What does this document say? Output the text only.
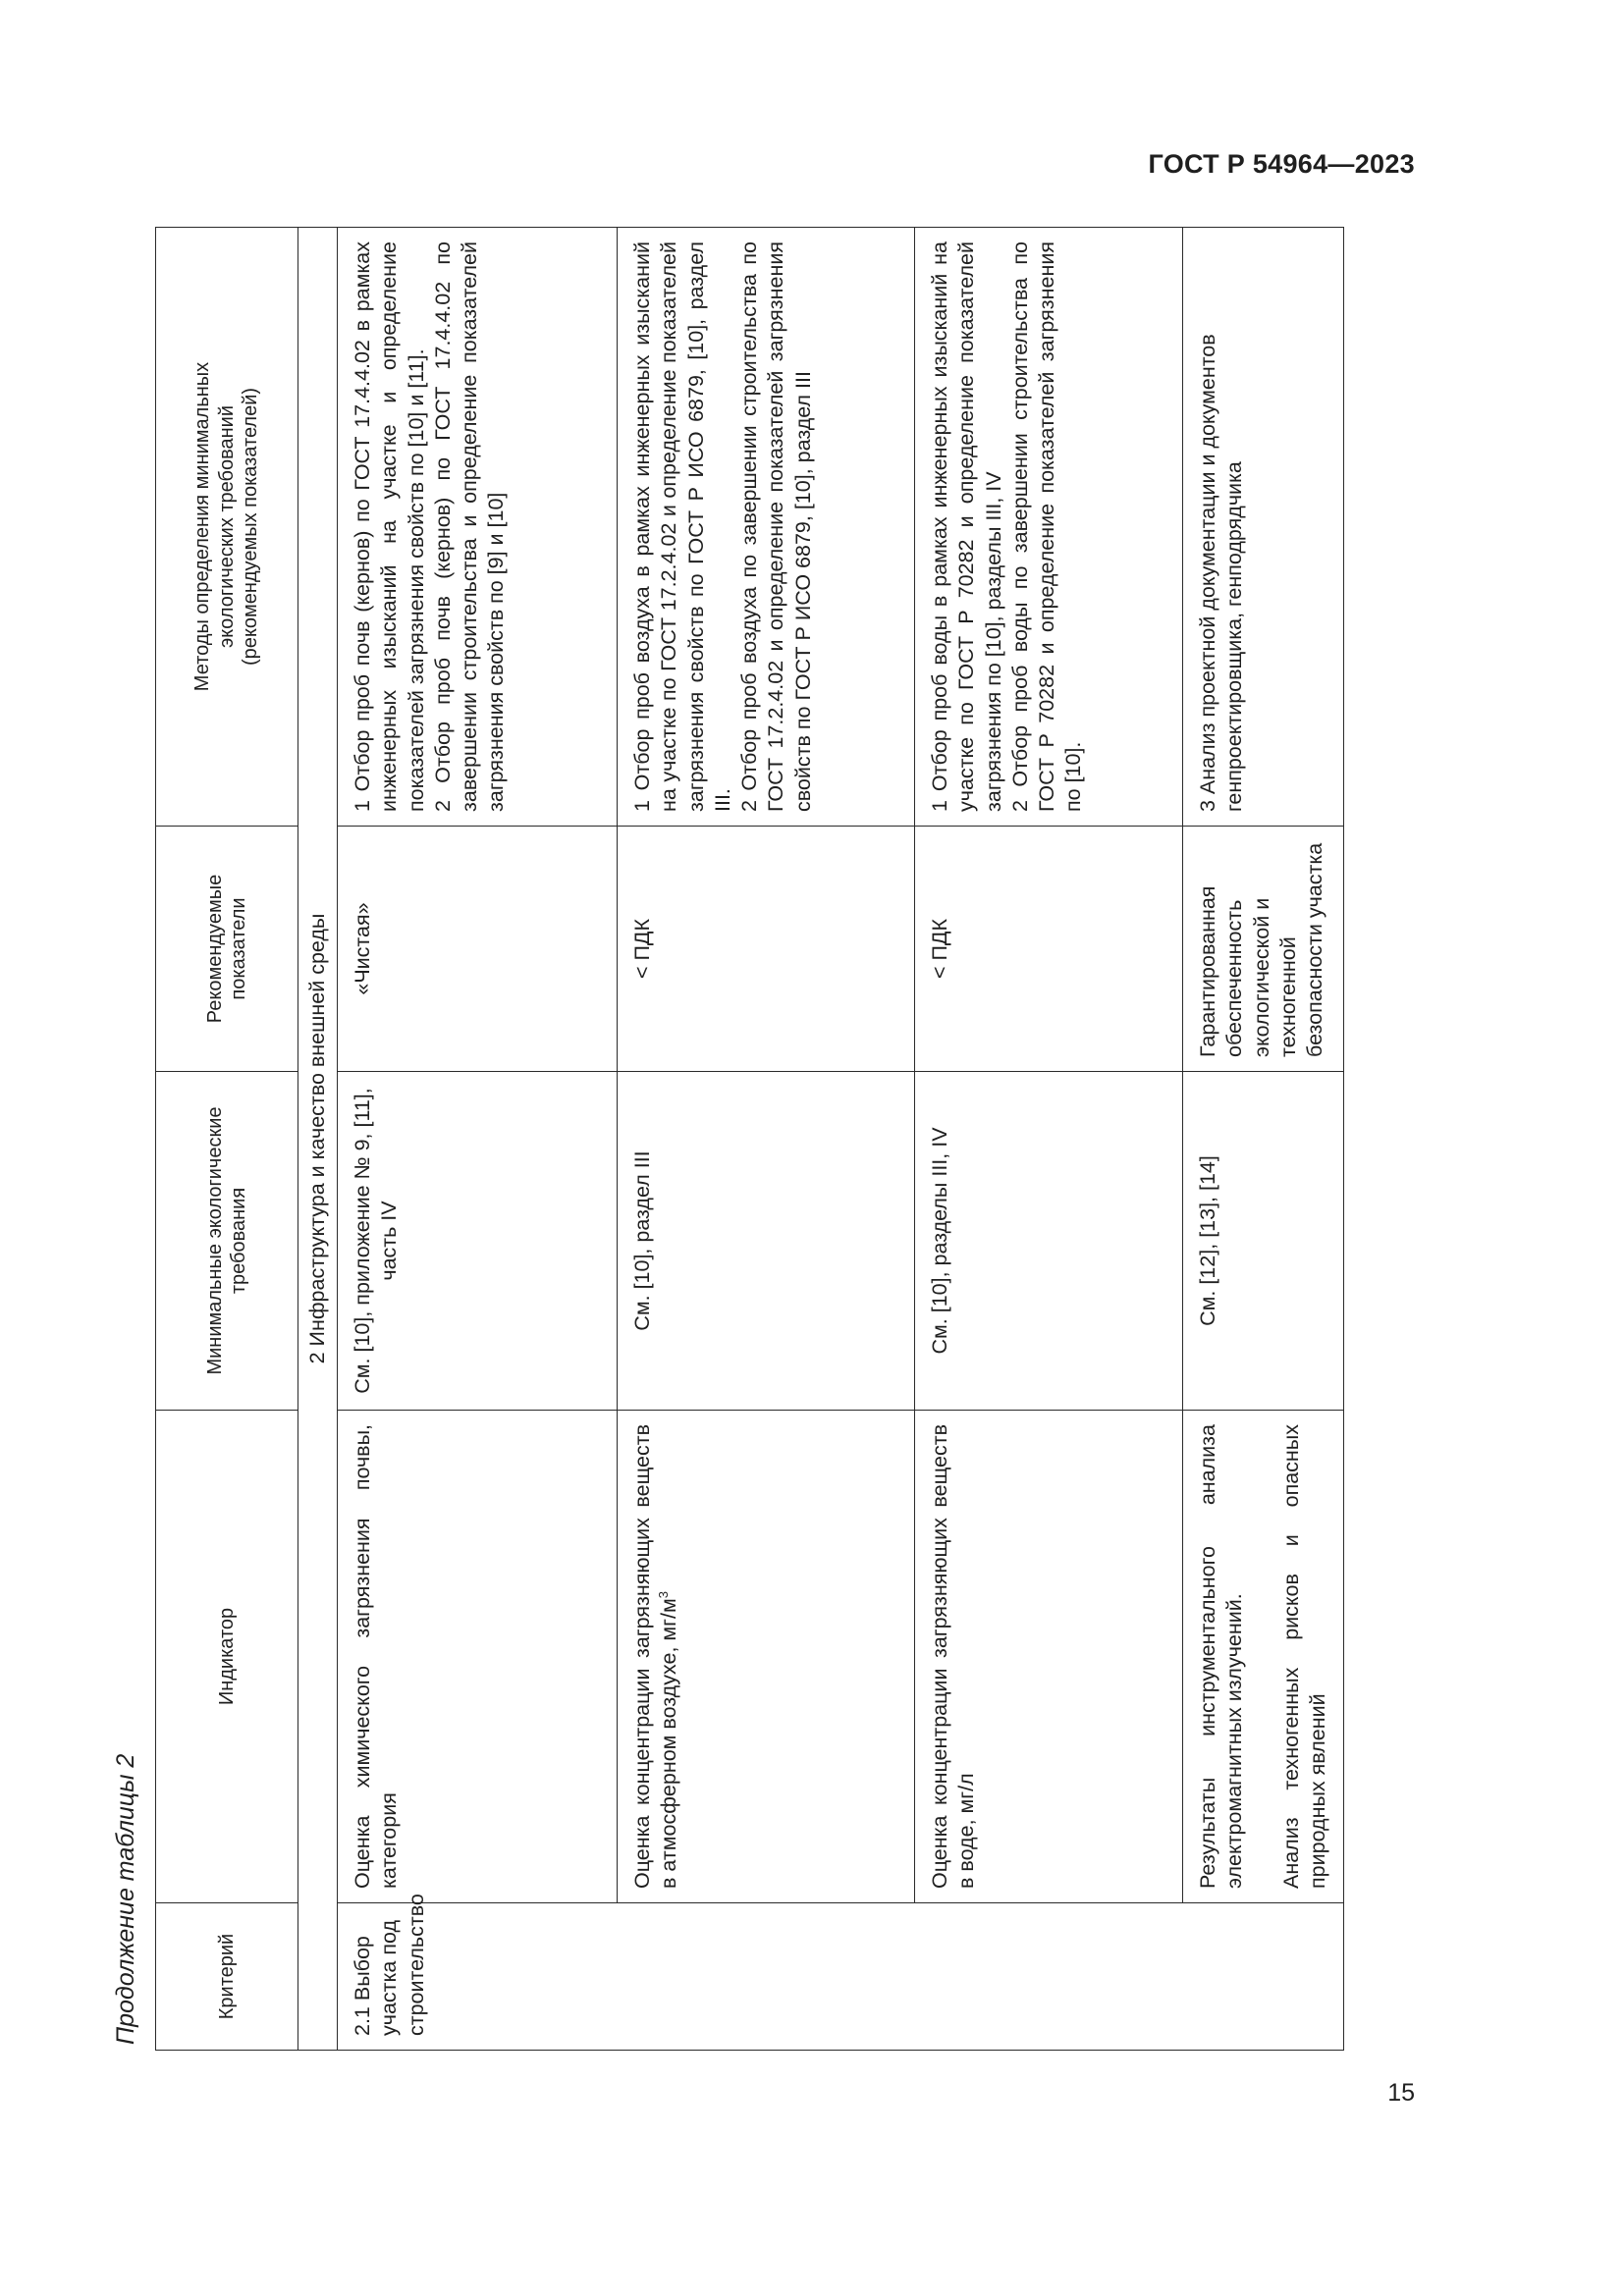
ГОСТ Р 54964—2023
Продолжение таблицы 2	Критерий	Индикатор	Минимальные экологические требования	Рекомендуемые показатели	Методы определения минимальных экологических требований (рекомендуемых показателей)

2 Инфраструктура и качество внешней среды				
2.1 Выбор участка под строительство	Оценка химического загрязнения почвы, категория	См. [10], приложение № 9, [11], часть IV	«Чистая»	1 Отбор проб почв (кернов) по ГОСТ 17.4.4.02 в рамках инженерных изысканий на участке и определение показателей загрязнения свойств по [10] и [11]. 2 Отбор проб почв (кернов) по ГОСТ 17.4.4.02 по завершении строительства и определение показателей загрязнения свойств по [9] и [10]

	Оценка концентрации загрязняющих веществ в атмосферном воздухе, $мг/м^3$	См. [10], раздел III	< ПДК	1 Отбор проб воздуха в рамках инженерных изысканий на участке по ГОСТ 17.2.4.02 и определение показателей загрязнения свойств по ГОСТ Р ИСО 6879, [10], раздел III. 2 Отбор проб воздуха по завершении строительства по ГОСТ 17.2.4.02 и определение показателей загрязнения свойств по ГОСТ Р ИСО 6879, [10], раздел III

	Оценка концентрации загрязняющих веществ в воде, мг/л	См. [10], разделы III, IV	< ПДК	1 Отбор проб воды в рамках инженерных изысканий на участке по ГОСТ Р 70282 и определение показателей загрязнения по [10], разделы III, IV 2 Отбор проб воды по завершении строительства по ГОСТ Р 70282 и определение показателей загрязнения по [10].

	Результаты инструментального анализа электромагнитных излучений. Анализ техногенных рисков и опасных природных явлений	См. [12], [13], [14]	Гарантированная обеспеченность экологической и техногенной безопасности участка	3 Анализ проектной документации и документов генпроектировщика, генподрядчика
15
